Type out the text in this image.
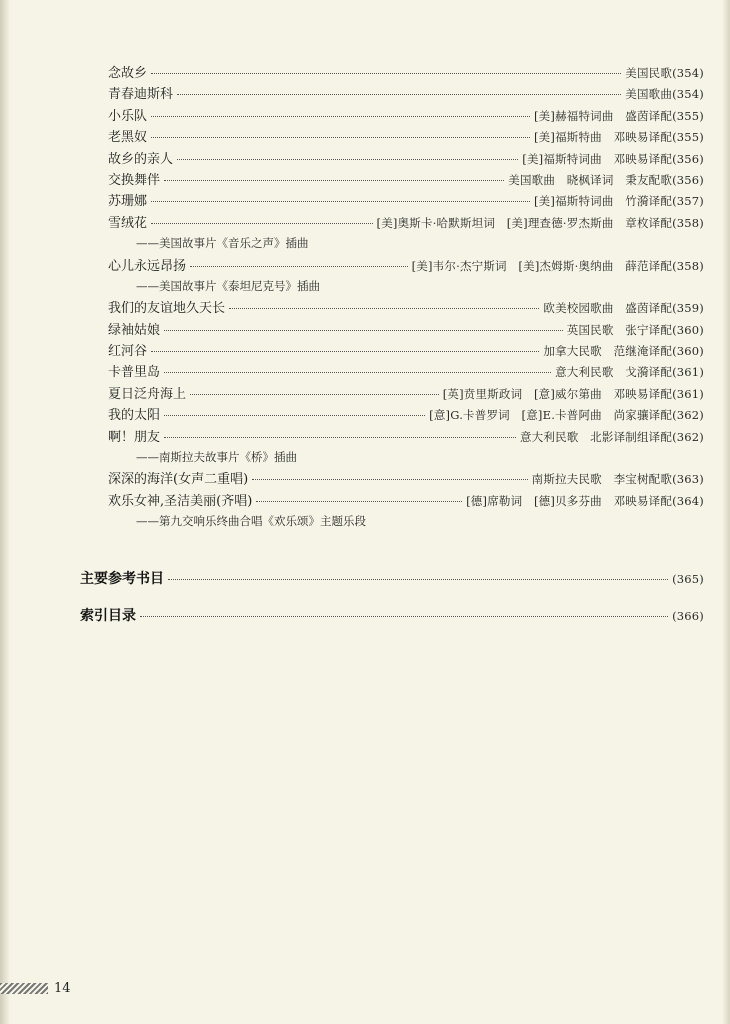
念故乡	美国民歌(354)
青春迪斯科	美国歌曲(354)
小乐队	[美]赫福特词曲　盛茵译配(355)
老黑奴	[美]福斯特曲　邓映易译配(355)
故乡的亲人	[美]福斯特词曲　邓映易译配(356)
交换舞伴	美国歌曲　晓枫译词　秉友配歌(356)
苏珊娜	[美]福斯特词曲　竹漪译配(357)
雪绒花	[美]奥斯卡·哈默斯坦词　[美]理查德·罗杰斯曲　章枚译配(358)
——美国故事片《音乐之声》插曲
心儿永远昂扬	[美]韦尔·杰宁斯词　[美]杰姆斯·奥纳曲　薛范译配(358)
——美国故事片《泰坦尼克号》插曲
我们的友谊地久天长	欧美校园歌曲　盛茵译配(359)
绿袖姑娘	英国民歌　张宁译配(360)
红河谷	加拿大民歌　范继淹译配(360)
卡普里岛	意大利民歌　戈漪译配(361)
夏日泛舟海上	[英]贲里斯政词　[意]威尔第曲　邓映易译配(361)
我的太阳	[意]G.卡普罗词　[意]E.卡普阿曲　尚家骧译配(362)
啊！朋友	意大利民歌　北影译制组译配(362)
——南斯拉夫故事片《桥》插曲
深深的海洋(女声二重唱)	南斯拉夫民歌　李宝树配歌(363)
欢乐女神,圣洁美丽(齐唱)	[德]席勒词　[德]贝多芬曲　邓映易译配(364)
——第九交响乐终曲合唱《欢乐颂》主题乐段
主要参考书目	(365)
索引目录	(366)
14
